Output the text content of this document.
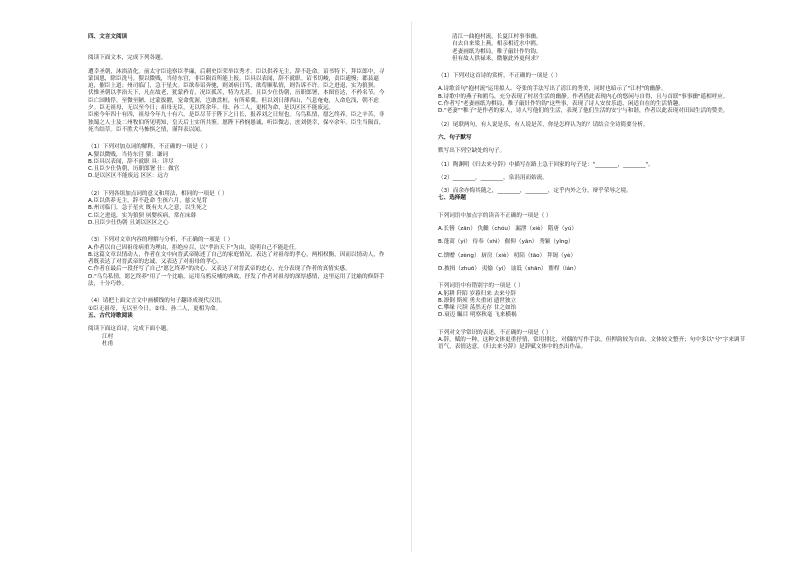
四、文言文阅读
阅读下面文本，完成下列各题。
遭幸圣朝，沐浴清化。前太守臣逵察臣孝廉，后刺史臣荣举臣秀才。臣以供养无主，辞不赴命。诏书特下，拜臣郎中，寻蒙国恩，除臣洗马。猥以微贱，当侍东宫，非臣陨首所能上报。臣具以表闻，辞不就职。诏书切峻，责臣逋慢；郡县逼迫，催臣上道；州司临门，急于星火。臣欲奉诏奔驰，则刘病日笃，欲苟顺私情，则告诉不许。臣之进退，实为狼狈。
伏惟圣朝以孝治天下，凡在故老，犹蒙矜育，况臣孤苦，特为尤甚。且臣少仕伪朝，历职郎署，本图宦达，不矜名节。今臣亡国贱俘，至微至陋，过蒙拔擢，宠命优渥，岂敢盘桓，有所希冀。但以刘日薄西山，气息奄奄，人命危浅，朝不虑夕。臣无祖母，无以至今日；祖母无臣，无以终余年。母、孙二人，更相为命，是以区区不能废远。
臣密今年四十有四，祖母今年九十有六，是臣尽节于陛下之日长，报养刘之日短也。乌鸟私情，愿乞终养。臣之辛苦，非独蜀之人士及二州牧伯所见明知，皇天后土实所共鉴。愿陛下矜悯愚诚，听臣微志，庶刘侥幸，保卒余年。臣生当陨首，死当结草。臣不胜犬马怖惧之情，谨拜表以闻。
（1）下列对加点词的解释，不正确的一项是（ ）
A.猥以微贱，当侍东宫 猥：谦词
B.臣具以表闻，辞不就职 具：详尽
C.且臣少仕伪朝，历职郎署 仕：做官
D.是以区区不能废远 区区：远方
（2）下列各组加点词的意义和用法，相同的一项是（ ）
A.臣以供养无主，辞不赴命 生孩六月，慈父见背
B.州司临门，急于星火 既有夫人之意，以生死之
C.臣之进退，实为狼狈 夙婴疾病，常在床蓐
D.且臣少仕伪朝 且刘以区区之心
（3）下列对文章内容的理解与分析，不正确的一项是（ ）
A.作者以自己因祖母病重为理由，拒绝应召，以"孝治天下"为由，说明自己不能赴任。
B.这篇文章以情动人，作者在文中向晋武帝陈述了自己的家庭情况，表达了对祖母的孝心，两相权衡，因而以情动人，作者既表达了对晋武帝的忠诚，又表达了对祖母的孝心。
C.作者在最后一段抒写了自己"愿乞终养"的决心，又表达了对晋武帝的忠心，充分表现了作者的真情实感。
D."乌鸟私情，愿乞终养"用了一个比喻，运用乌鸦反哺的典故，抒发了作者对祖母的深厚感情，这里运用了比喻的修辞手法，十分巧妙。
（4）请把上面文言文中画横线的句子翻译成现代汉语。
①臣无祖母，无以至今日。②母、孙二人，更相为命。
五、古代诗歌阅读
阅读下面这首诗，完成下面小题。
江村
杜甫
清江一曲抱村流，长夏江村事事幽。
自去自来梁上燕，相亲相近水中鸥。
老妻画纸为棋局，稚子敲针作钓钩。
但有故人供禄米，微躯此外更何求？
（1）下列对这首诗的赏析，不正确的一项是（ ）
A.诗歌首句"抱村流"运用拟人、夸张的手法写出了清江的秀美，同时也暗示了"江村"的幽静。
B.诗歌中的燕子和鸥鸟，充分表现了村居生活的幽静。作者借此表现内心的悠闲与自得，且与首联"事事幽"遥相呼应。
C.作者写"老妻画纸为棋局，稚子敲针作钓钩"这些事，表现了诗人安贫乐道、闲适自在的生活情趣。
D."老妻""稚子"是作者的家人，诗人写他们的生活，表现了他们生活的安宁与和谐，作者以此表现对田园生活的赞美。
（2）尾联两句，有人说是乐，有人说是苦，你是怎样认为的？请结合全诗简要分析。
六、句子默写
默写出下列空缺处的句子。
（1）陶渊明《归去来兮辞》中描写在路上急于回家的句子是："________，________"。
（2）________，________，泉涓涓而始流。
（3）而余亦悔其随之，________，________，定乎内外之分，辩乎荣辱之境。
七、选择题
下列词语中加点字的读音不正确的一项是（ ）
A.长簪（zān） 仇雠（chóu） 漏泄（xiè） 隋唐（yú）
B.蓬蒿（yì） 侍奉（shì） 偃仰（yǎn） 秀颖（yǐng）
C.馈赠（zèng） 厨房（xiè） 叨陪（tāo） 拜谒（yè）
D.披揖（zhuō） 夷愉（yí） 讪诋（shān） 盥栉（lán）
下列词语中有错别字的一项是（ ）
A.躬耕 阡陌 岁暮归来 去来兮辞
B.潦倒 斯须 勇夫重闭 遗世独立
C.攀缘 尺牍 荡然无存 甘之如饴
D.衰迈 瞩目 明察秋毫 飞来横祸
下列对文学常识的表述，不正确的一项是（ ）
A.辞，赋的一种，这种文体更重抒情，常用排比、对偶的写作手法，但押韵较为自由，文体较文整齐；句中多以"兮"字来调节语气，表情达意。《归去来兮辞》是辞赋文体中的杰出作品。
